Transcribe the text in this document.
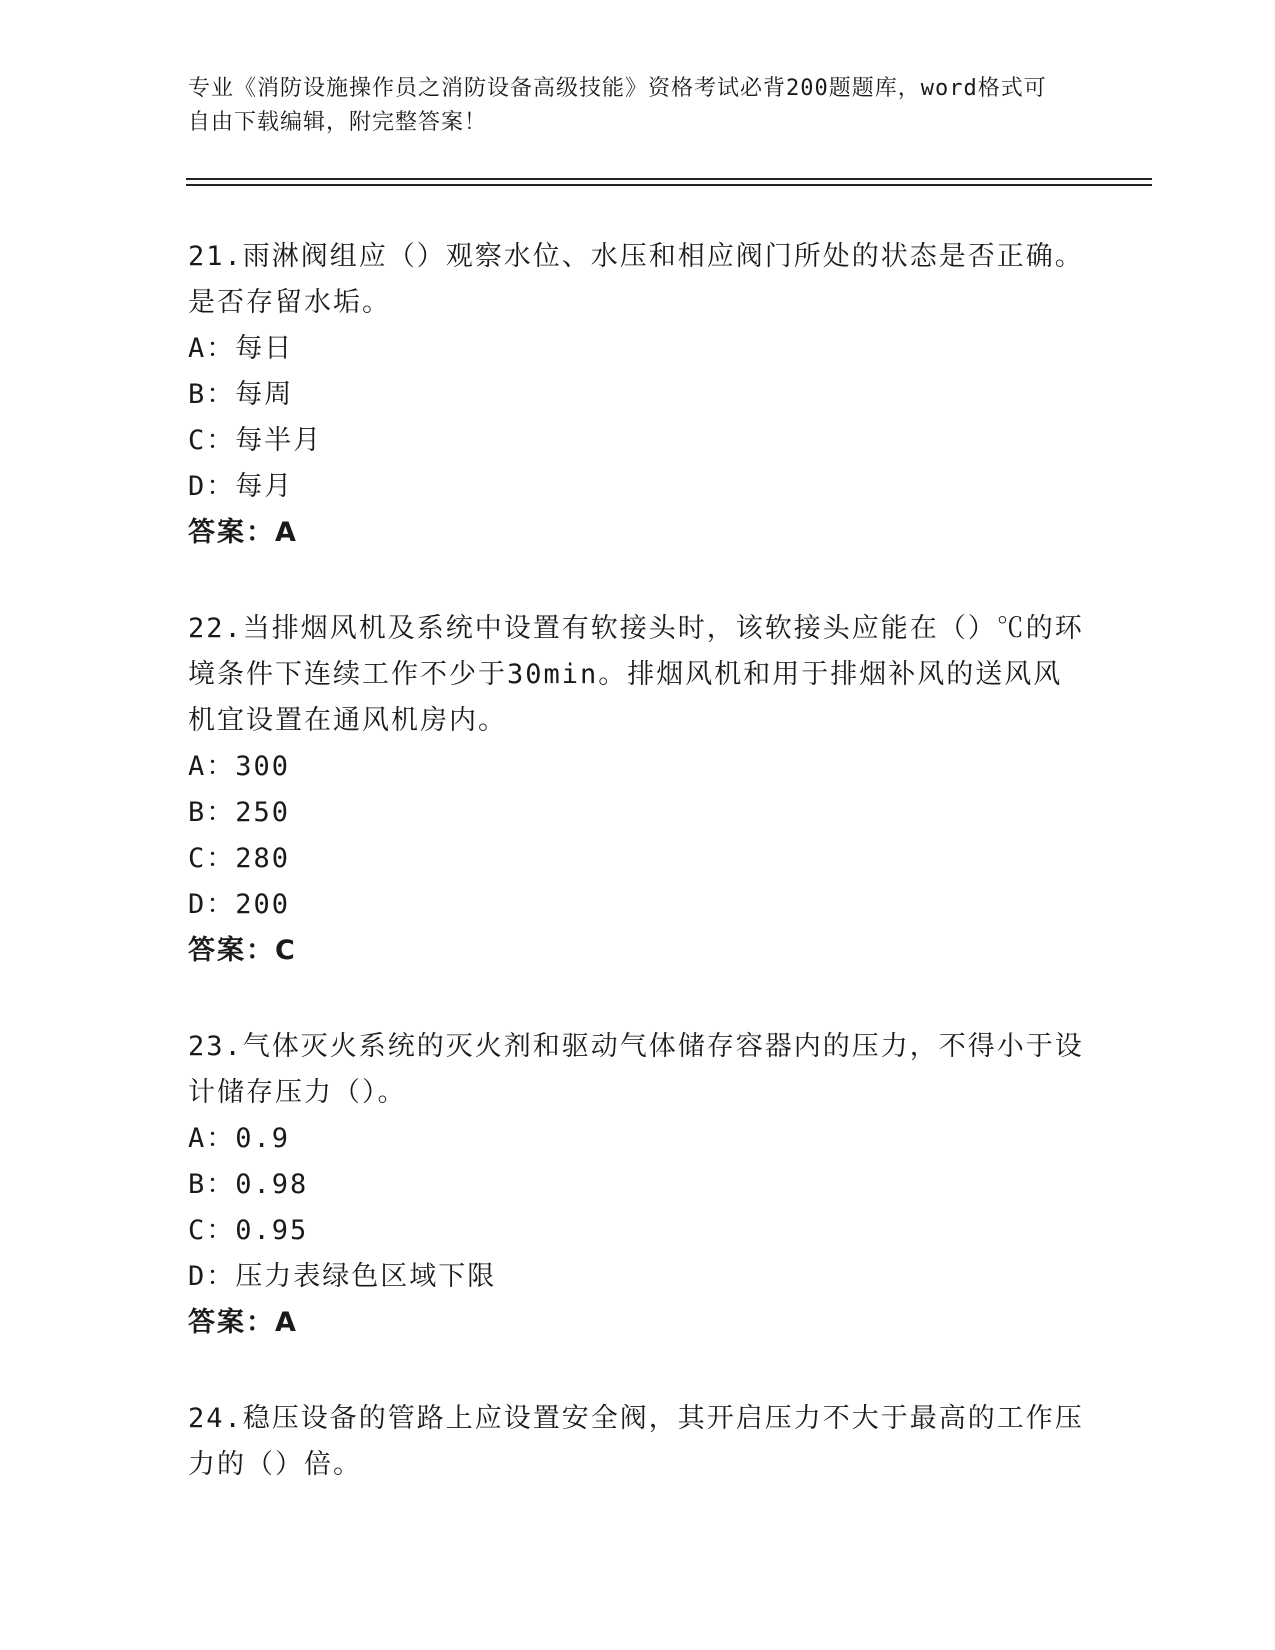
专业《消防设施操作员之消防设备高级技能》资格考试必背200题题库，word格式可自由下载编辑，附完整答案！

21.雨淋阀组应（）观察水位、水压和相应阀门所处的状态是否正确。是否存留水垢。

A：每日

B：每周

C：每半月

D：每月

答案：A

22.当排烟风机及系统中设置有软接头时，该软接头应能在（）℃的环境条件下连续工作不少于30min。排烟风机和用于排烟补风的送风风机宜设置在通风机房内。

A：300

B：250

C：280

D：200

答案：C

23.气体灭火系统的灭火剂和驱动气体储存容器内的压力，不得小于设计储存压力（）。

A：0.9

B：0.98

C：0.95

D：压力表绿色区域下限

答案：A

24.稳压设备的管路上应设置安全阀，其开启压力不大于最高的工作压力的（）倍。
